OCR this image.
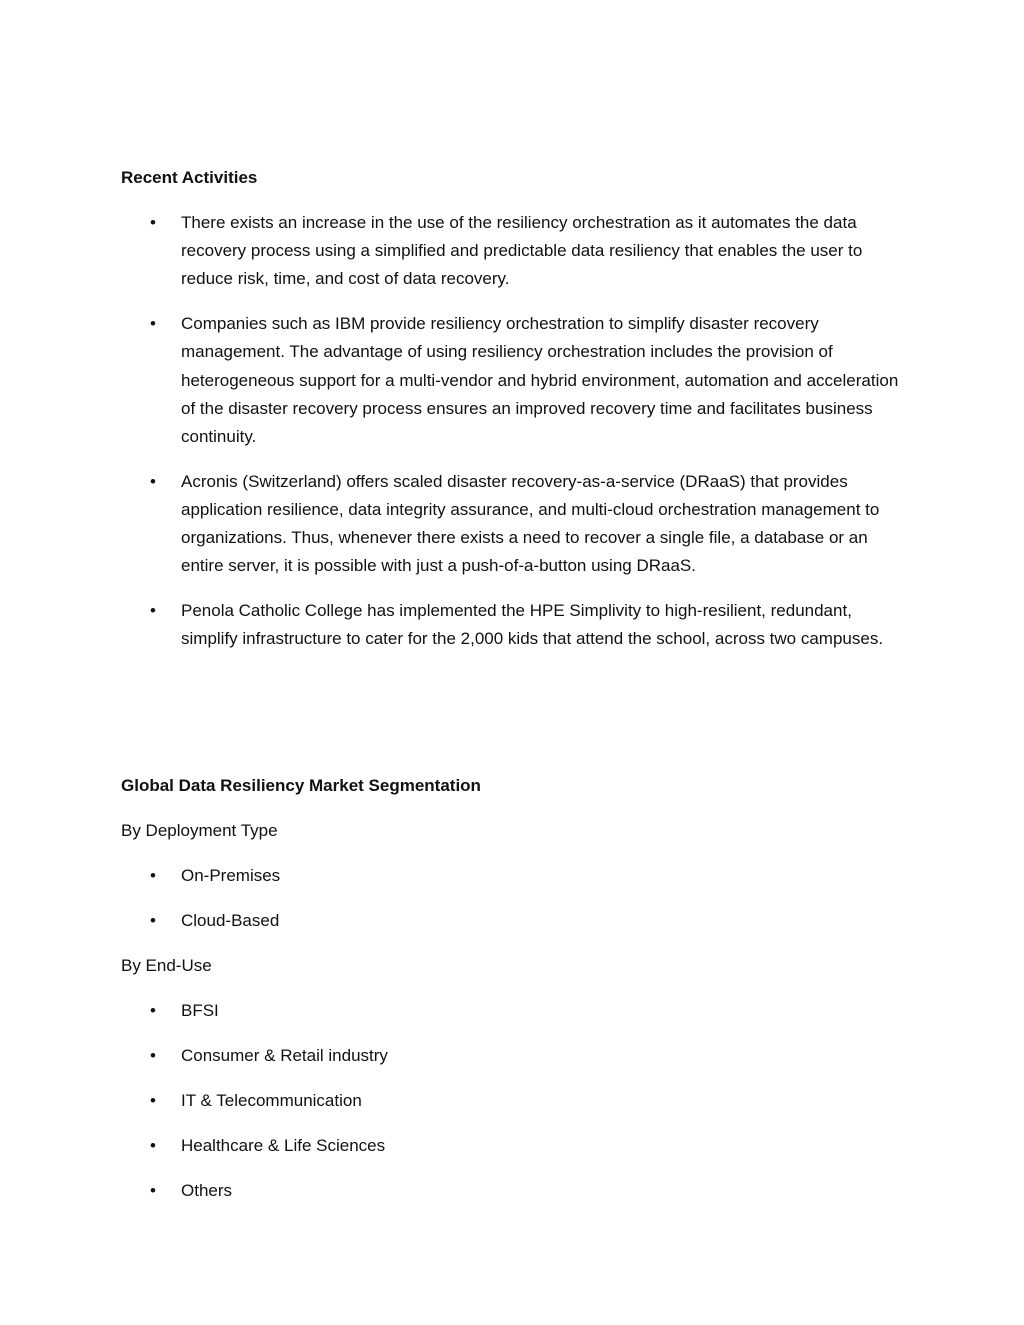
Recent Activities
• There exists an increase in the use of the resiliency orchestration as it automates the data recovery process using a simplified and predictable data resiliency that enables the user to reduce risk, time, and cost of data recovery.
• Companies such as IBM provide resiliency orchestration to simplify disaster recovery management. The advantage of using resiliency orchestration includes the provision of heterogeneous support for a multi-vendor and hybrid environment, automation and acceleration of the disaster recovery process ensures an improved recovery time and facilitates business continuity.
• Acronis (Switzerland) offers scaled disaster recovery-as-a-service (DRaaS) that provides application resilience, data integrity assurance, and multi-cloud orchestration management to organizations. Thus, whenever there exists a need to recover a single file, a database or an entire server, it is possible with just a push-of-a-button using DRaaS.
• Penola Catholic College has implemented the HPE Simplivity to high-resilient, redundant, simplify infrastructure to cater for the 2,000 kids that attend the school, across two campuses.
Global Data Resiliency Market Segmentation

By Deployment Type

• On-Premises
• Cloud-Based

By End-Use

• BFSI
• Consumer & Retail industry
• IT & Telecommunication
• Healthcare & Life Sciences
• Others
